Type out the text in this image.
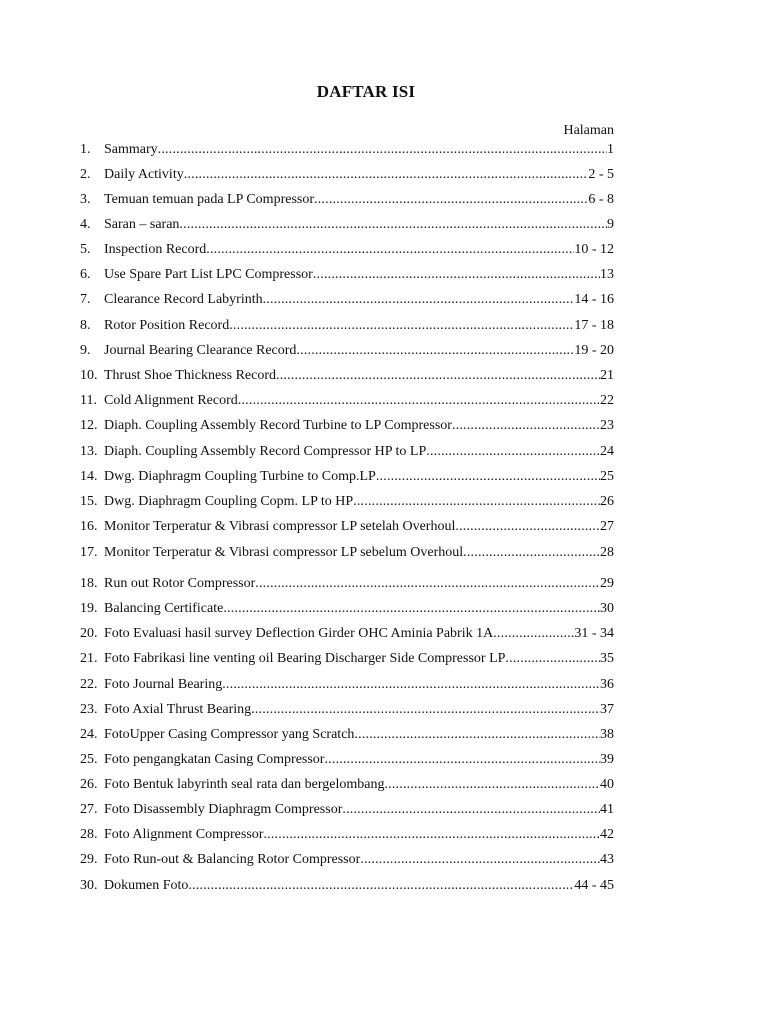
DAFTAR ISI
Halaman
1. Sammary .....	1
2. Daily Activity .....	2 - 5
3. Temuan temuan pada LP Compressor .....	6 - 8
4. Saran – saran .....	9
5. Inspection Record .....	10 - 12
6. Use Spare Part List LPC Compressor .....	13
7. Clearance Record Labyrinth .....	14 - 16
8. Rotor Position Record .....	17 - 18
9. Journal Bearing Clearance Record .....	19 - 20
10. Thrust Shoe Thickness Record .....	21
11. Cold Alignment Record .....	22
12. Diaph. Coupling Assembly Record Turbine to LP Compressor .....	23
13. Diaph. Coupling Assembly Record Compressor HP to LP .....	24
14. Dwg. Diaphragm Coupling Turbine to Comp.LP .....	25
15. Dwg. Diaphragm Coupling Copm. LP to HP .....	26
16. Monitor Terperatur & Vibrasi compressor LP setelah Overhoul .....	27
17. Monitor Terperatur & Vibrasi compressor LP sebelum Overhoul .....	28
18. Run out Rotor Compressor .....	29
19. Balancing Certificate .....	30
20. Foto Evaluasi hasil survey Deflection Girder OHC Aminia Pabrik 1A .....	31 - 34
21. Foto Fabrikasi line venting oil Bearing Discharger Side Compressor LP .....	35
22. Foto Journal Bearing .....	36
23. Foto Axial Thrust Bearing .....	37
24. FotoUpper Casing Compressor yang Scratch .....	38
25. Foto pengangkatan Casing Compressor .....	39
26. Foto Bentuk labyrinth seal rata dan bergelombang .....	40
27. Foto Disassembly Diaphragm Compressor .....	41
28. Foto Alignment Compressor .....	42
29. Foto Run-out & Balancing Rotor Compressor .....	43
30. Dokumen Foto .....	44 - 45
